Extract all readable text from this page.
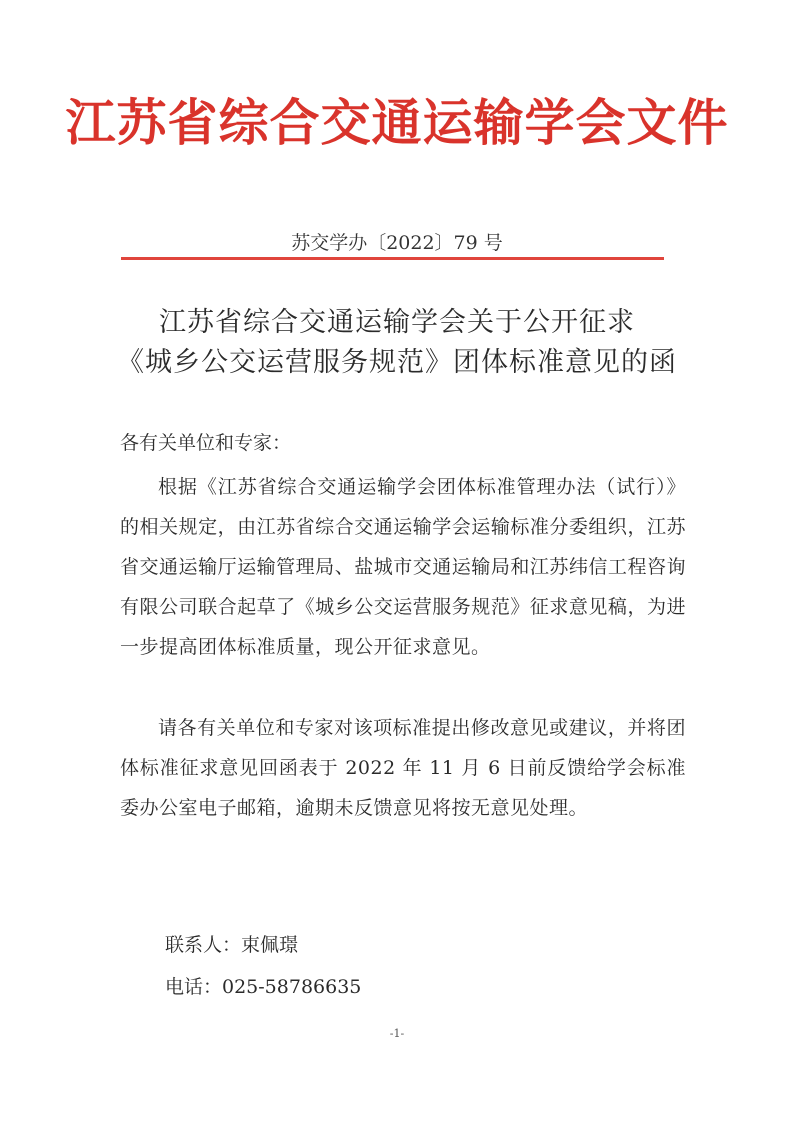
江苏省综合交通运输学会文件
苏交学办〔2022〕79 号
江苏省综合交通运输学会关于公开征求
《城乡公交运营服务规范》团体标准意见的函
各有关单位和专家：
根据《江苏省综合交通运输学会团体标准管理办法（试行）》的相关规定，由江苏省综合交通运输学会运输标准分委组织，江苏省交通运输厅运输管理局、盐城市交通运输局和江苏纬信工程咨询有限公司联合起草了《城乡公交运营服务规范》征求意见稿，为进一步提高团体标准质量，现公开征求意见。
请各有关单位和专家对该项标准提出修改意见或建议，并将团体标准征求意见回函表于 2022 年 11 月 6 日前反馈给学会标准委办公室电子邮箱，逾期未反馈意见将按无意见处理。
联系人：束佩璟
电话：025-58786635
-1-
